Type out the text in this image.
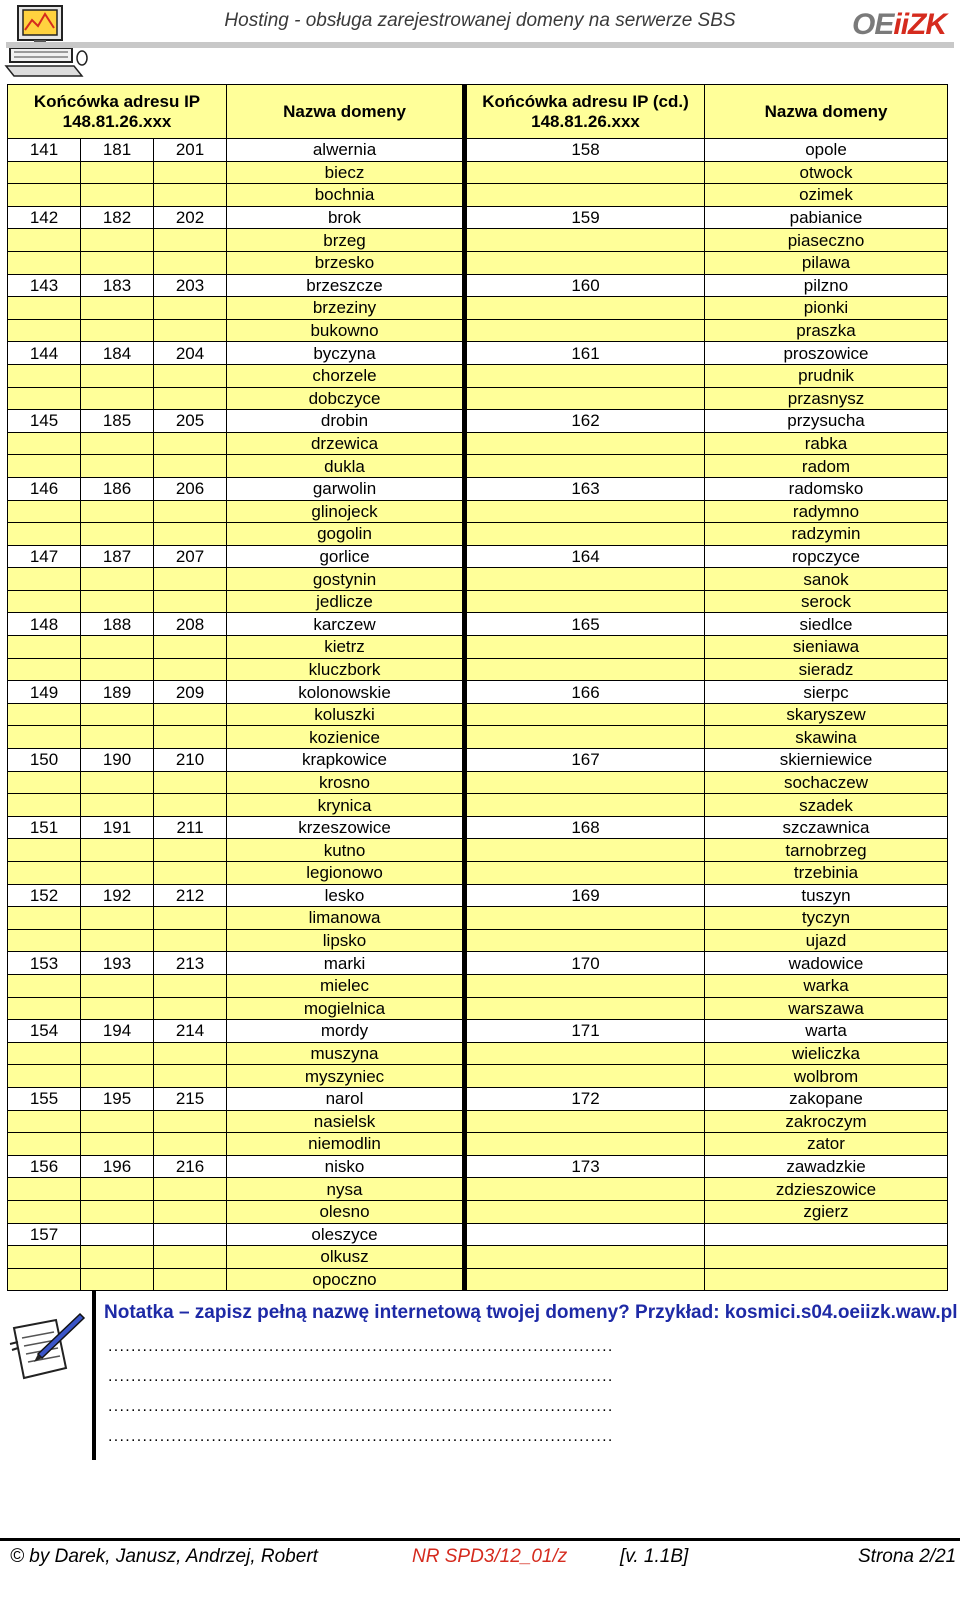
Hosting - obsługa zarejestrowanej domeny na serwerze SBS	OEiiZK
Końcówka adresu IP 148.81.26.xxx			Nazwa domeny	Końcówka adresu IP (cd.) 148.81.26.xxx	Nazwa domeny
141	181	201	alwernia	158	opole
			biecz		otwock
			bochnia		ozimek
142	182	202	brok	159	pabianice
			brzeg		piaseczno
			brzesko		pilawa
143	183	203	brzeszcze	160	pilzno
			brzeziny		pionki
			bukowno		praszka
144	184	204	byczyna	161	proszowice
			chorzele		prudnik
			dobczyce		przasnysz
145	185	205	drobin	162	przysucha
			drzewica		rabka
			dukla		radom
146	186	206	garwolin	163	radomsko
			glinojeck		radymno
			gogolin		radzymin
147	187	207	gorlice	164	ropczyce
			gostynin		sanok
			jedlicze		serock
148	188	208	karczew	165	siedlce
			kietrz		sieniawa
			kluczbork		sieradz
149	189	209	kolonowskie	166	sierpc
			koluszki		skaryszew
			kozienice		skawina
150	190	210	krapkowice	167	skierniewice
			krosno		sochaczew
			krynica		szadek
151	191	211	krzeszowice	168	szczawnica
			kutno		tarnobrzeg
			legionowo		trzebinia
152	192	212	lesko	169	tuszyn
			limanowa		tyczyn
			lipsko		ujazd
153	193	213	marki	170	wadowice
			mielec		warka
			mogielnica		warszawa
154	194	214	mordy	171	warta
			muszyna		wieliczka
			myszyniec		wolbrom
155	195	215	narol	172	zakopane
			nasielsk		zakroczym
			niemodlin		zator
156	196	216	nisko	173	zawadzkie
			nysa		zdzieszowice
			olesno		zgierz
157			oleszyce		
			olkusz		
			opoczno		
Notatka – zapisz pełną nazwę internetową twojej domeny? Przykład: kosmici.s04.oeiizk.waw.pl
........................................................................................
........................................................................................
........................................................................................
........................................................................................
© by Darek, Janusz, Andrzej, Robert	NR SPD3/12_01/z	[v. 1.1B]	Strona 2/21
